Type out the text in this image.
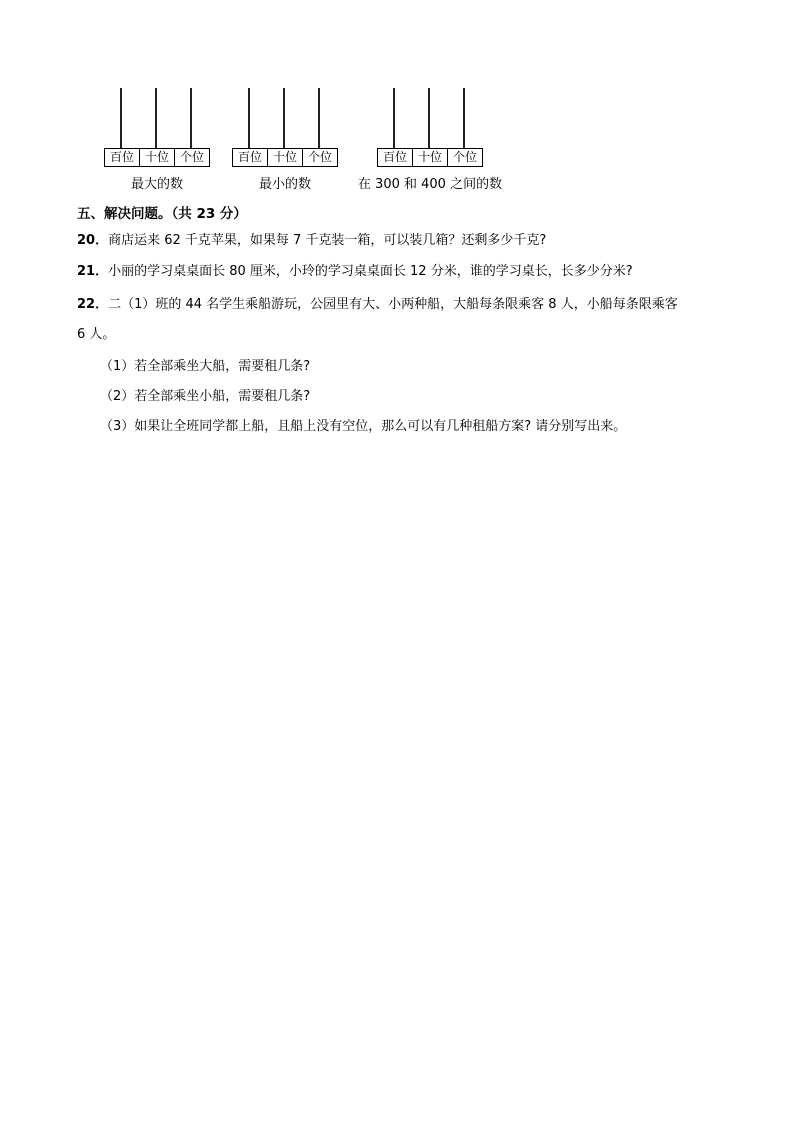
百位 十位 个位
最大的数
百位 十位 个位
最小的数
百位 十位 个位
在 300 和 400 之间的数
五、解决问题。（共 23 分）
20．商店运来 62 千克苹果，如果每 7 千克装一箱，可以装几箱？还剩多少千克?
21．小丽的学习桌桌面长 80 厘米，小玲的学习桌桌面长 12 分米，谁的学习桌长，长多少分米?
22．二（1）班的 44 名学生乘船游玩，公园里有大、小两种船，大船每条限乘客 8 人，小船每条限乘客
6 人。
（1）若全部乘坐大船，需要租几条?
（2）若全部乘坐小船，需要租几条?
（3）如果让全班同学都上船，且船上没有空位，那么可以有几种租船方案? 请分别写出来。
